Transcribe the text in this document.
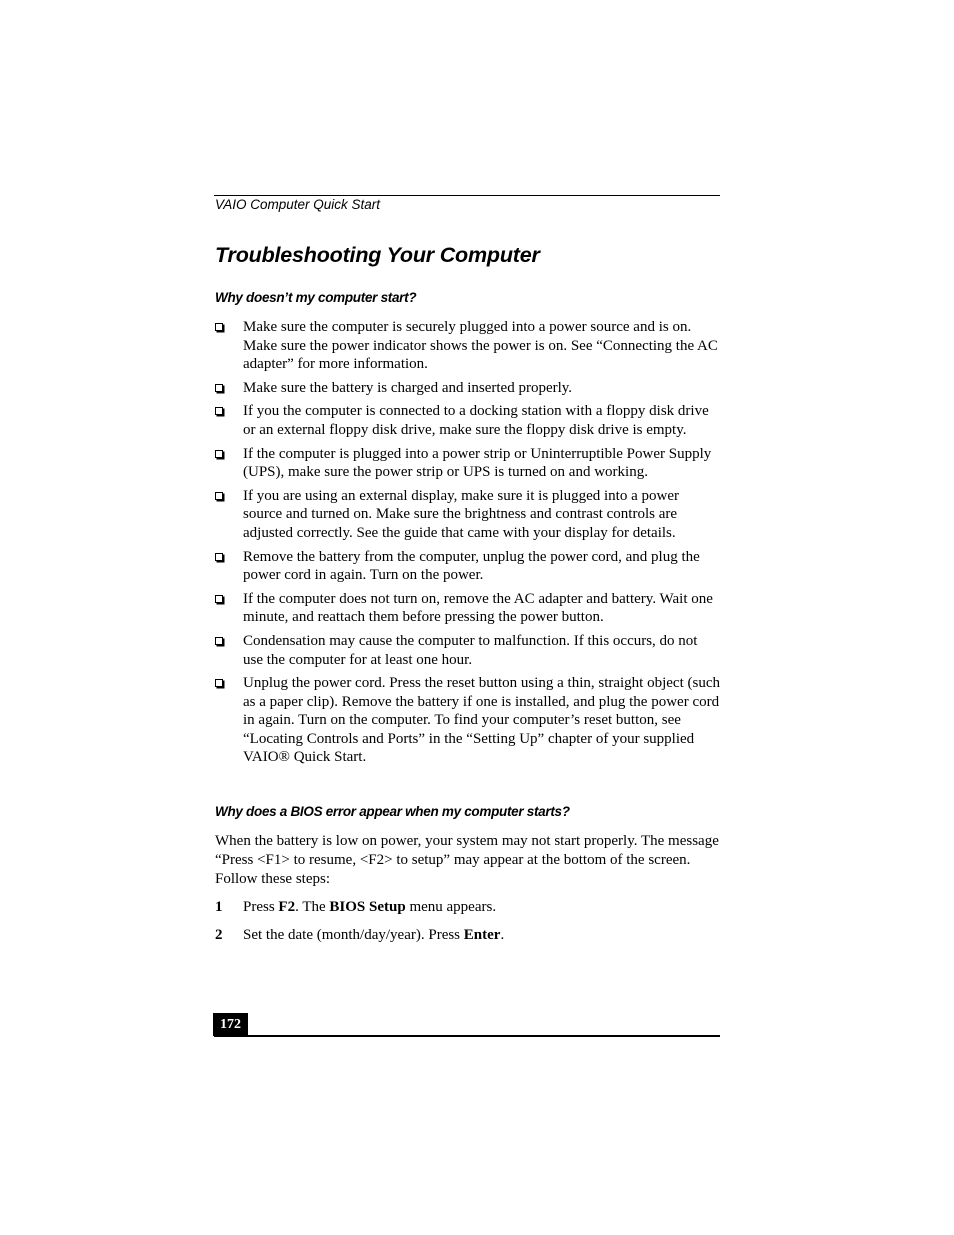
VAIO Computer Quick Start
Troubleshooting Your Computer
Why doesn’t my computer start?
Make sure the computer is securely plugged into a power source and is on. Make sure the power indicator shows the power is on. See “Connecting the AC adapter” for more information.
Make sure the battery is charged and inserted properly.
If you the computer is connected to a docking station with a floppy disk drive or an external floppy disk drive, make sure the floppy disk drive is empty.
If the computer is plugged into a power strip or Uninterruptible Power Supply (UPS), make sure the power strip or UPS is turned on and working.
If you are using an external display, make sure it is plugged into a power source and turned on. Make sure the brightness and contrast controls are adjusted correctly. See the guide that came with your display for details.
Remove the battery from the computer, unplug the power cord, and plug the power cord in again. Turn on the power.
If the computer does not turn on, remove the AC adapter and battery. Wait one minute, and reattach them before pressing the power button.
Condensation may cause the computer to malfunction. If this occurs, do not use the computer for at least one hour.
Unplug the power cord. Press the reset button using a thin, straight object (such as a paper clip). Remove the battery if one is installed, and plug the power cord in again. Turn on the computer. To find your computer’s reset button, see “Locating Controls and Ports” in the “Setting Up” chapter of your supplied VAIO® Quick Start.
Why does a BIOS error appear when my computer starts?

When the battery is low on power, your system may not start properly. The message “Press <F1> to resume, <F2> to setup” may appear at the bottom of the screen. Follow these steps:

1 Press F2. The BIOS Setup menu appears.
2 Set the date (month/day/year). Press Enter.
172
